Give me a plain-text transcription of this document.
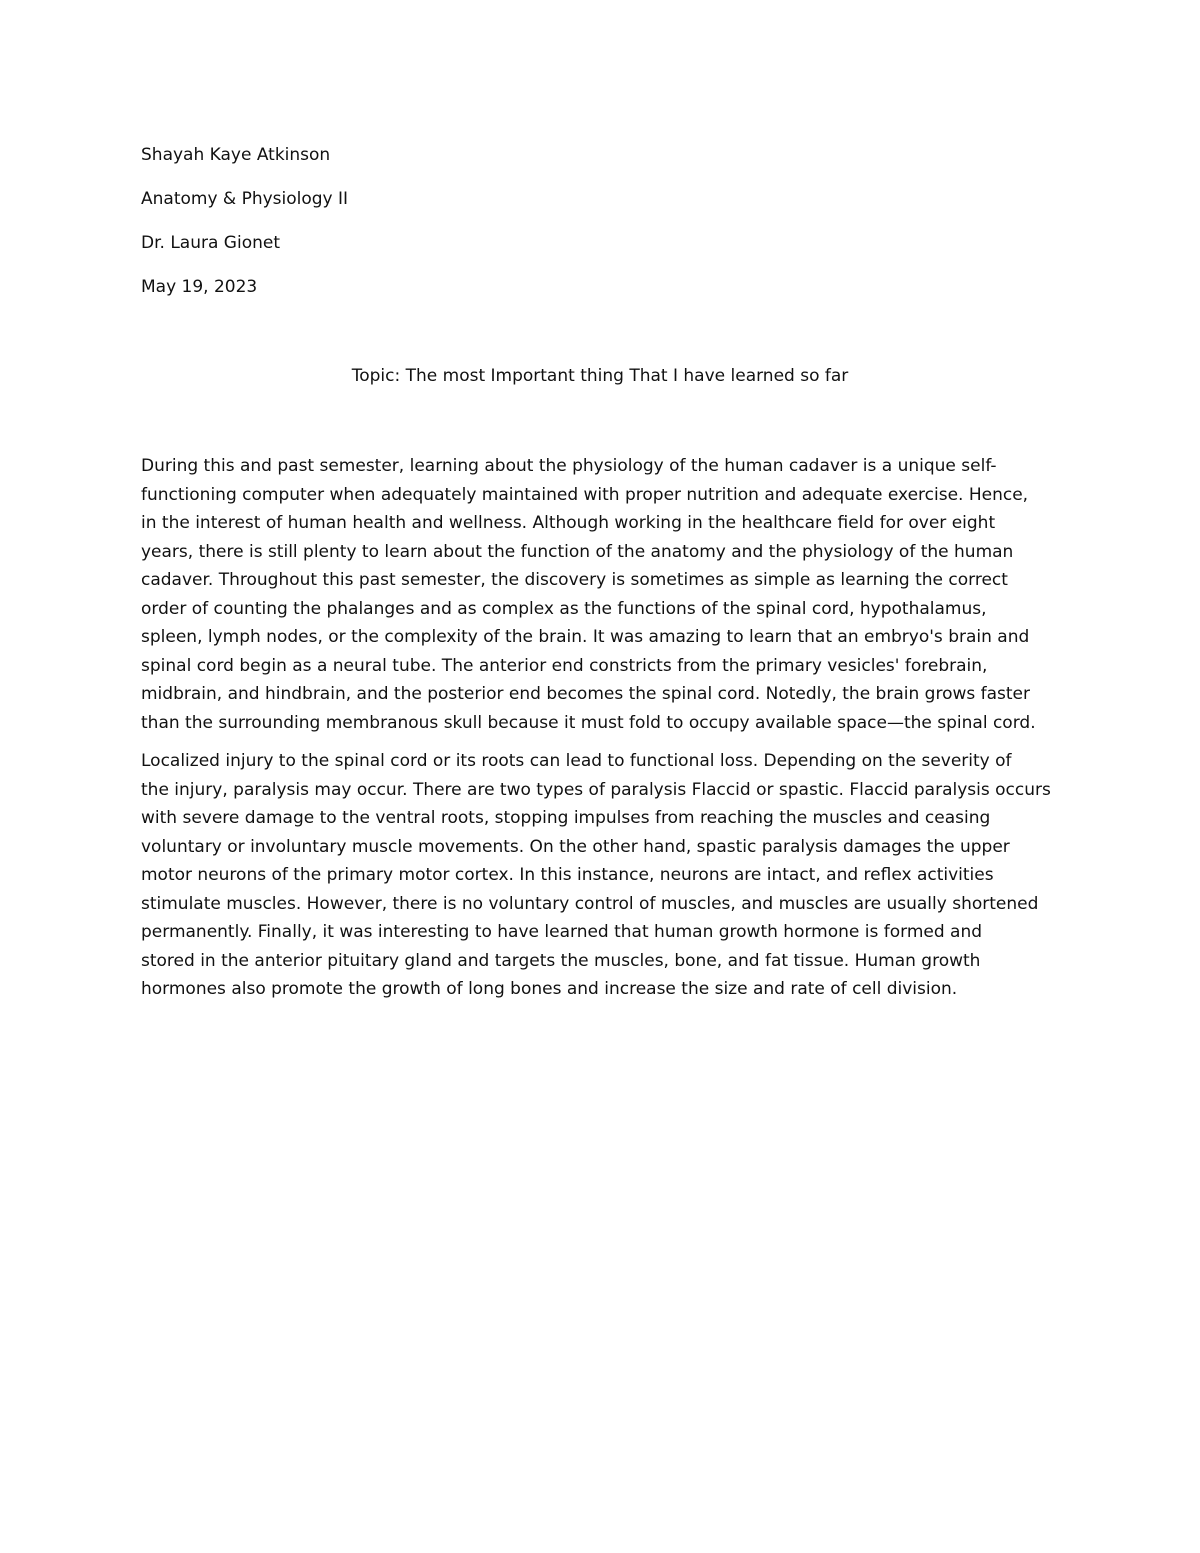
Shayah Kaye Atkinson
Anatomy & Physiology II
Dr. Laura Gionet
May 19, 2023
Topic: The most Important thing That I have learned so far
During this and past semester, learning about the physiology of the human cadaver is a unique self-
functioning computer when adequately maintained with proper nutrition and adequate exercise. Hence,
in the interest of human health and wellness. Although working in the healthcare field for over eight
years, there is still plenty to learn about the function of the anatomy and the physiology of the human
cadaver. Throughout this past semester, the discovery is sometimes as simple as learning the correct
order of counting the phalanges and as complex as the functions of the spinal cord, hypothalamus,
spleen, lymph nodes, or the complexity of the brain. It was amazing to learn that an embryo's brain and
spinal cord begin as a neural tube. The anterior end constricts from the primary vesicles' forebrain,
midbrain, and hindbrain, and the posterior end becomes the spinal cord. Notedly, the brain grows faster
than the surrounding membranous skull because it must fold to occupy available space—the spinal cord.
Localized injury to the spinal cord or its roots can lead to functional loss. Depending on the severity of
the injury, paralysis may occur. There are two types of paralysis Flaccid or spastic. Flaccid paralysis occurs
with severe damage to the ventral roots, stopping impulses from reaching the muscles and ceasing
voluntary or involuntary muscle movements. On the other hand, spastic paralysis damages the upper
motor neurons of the primary motor cortex. In this instance, neurons are intact, and reflex activities
stimulate muscles. However, there is no voluntary control of muscles, and muscles are usually shortened
permanently. Finally, it was interesting to have learned that human growth hormone is formed and
stored in the anterior pituitary gland and targets the muscles, bone, and fat tissue. Human growth
hormones also promote the growth of long bones and increase the size and rate of cell division.
